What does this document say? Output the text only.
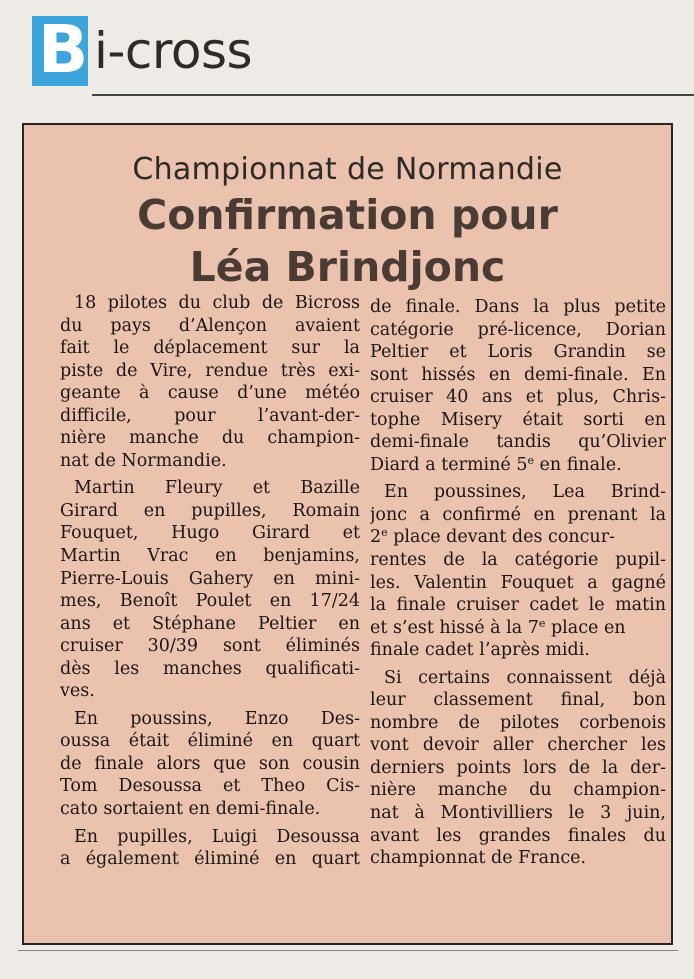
B i-cross
Championnat de Normandie
Confirmation pour
Léa Brindjonc
18 pilotes du club de Bicross
du pays d’Alençon avaient
fait le déplacement sur la
piste de Vire, rendue très exi-
geante à cause d’une météo
difficile, pour l’avant-der-
nière manche du champion-
nat de Normandie.
Martin Fleury et Bazille
Girard en pupilles, Romain
Fouquet, Hugo Girard et
Martin Vrac en benjamins,
Pierre-Louis Gahery en mini-
mes, Benoît Poulet en 17/24
ans et Stéphane Peltier en
cruiser 30/39 sont éliminés
dès les manches qualificati-
ves.
En poussins, Enzo Des-
oussa était éliminé en quart
de finale alors que son cousin
Tom Desoussa et Theo Cis-
cato sortaient en demi-finale.
En pupilles, Luigi Desoussa
a également éliminé en quart
de finale. Dans la plus petite
catégorie pré-licence, Dorian
Peltier et Loris Grandin se
sont hissés en demi-finale. En
cruiser 40 ans et plus, Chris-
tophe Misery était sorti en
demi-finale tandis qu’Olivier
Diard a terminé 5e en finale.
En poussines, Lea Brind-
jonc a confirmé en prenant la
2e place devant des concur-
rentes de la catégorie pupil-
les. Valentin Fouquet a gagné
la finale cruiser cadet le matin
et s’est hissé à la 7e place en
finale cadet l’après midi.
Si certains connaissent déjà
leur classement final, bon
nombre de pilotes corbenois
vont devoir aller chercher les
derniers points lors de la der-
nière manche du champion-
nat à Montivilliers le 3 juin,
avant les grandes finales du
championnat de France.
